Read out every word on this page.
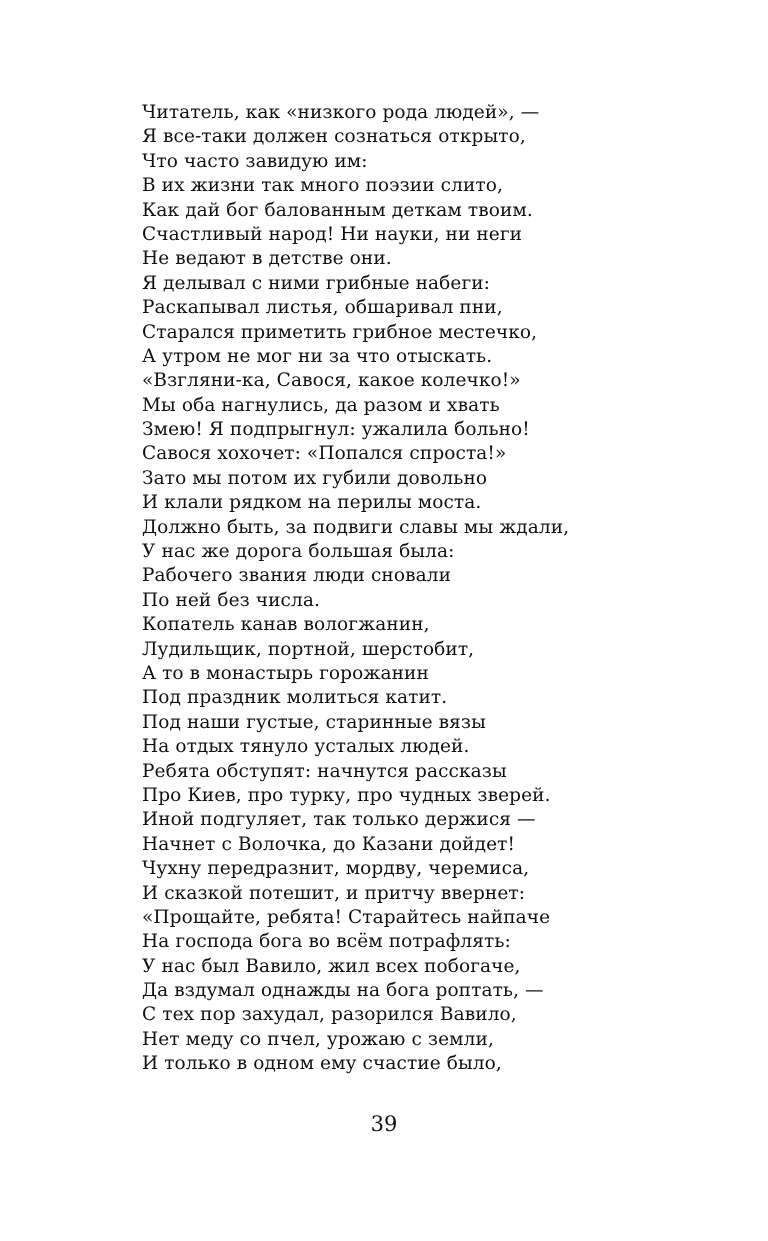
Читатель, как «низкого рода людей», —
Я все-таки должен сознаться открыто,
Что часто завидую им:
В их жизни так много поэзии слито,
Как дай бог балованным деткам твоим.
Счастливый народ! Ни науки, ни неги
Не ведают в детстве они.
Я делывал с ними грибные набеги:
Раскапывал листья, обшаривал пни,
Старался приметить грибное местечко,
А утром не мог ни за что отыскать.
«Взгляни-ка, Савося, какое колечко!»
Мы оба нагнулись, да разом и хвать
Змею! Я подпрыгнул: ужалила больно!
Савося хохочет: «Попался спроста!»
Зато мы потом их губили довольно
И клали рядком на перилы моста.
Должно быть, за подвиги славы мы ждали,
У нас же дорога большая была:
Рабочего звания люди сновали
По ней без числа.
Копатель канав вологжанин,
Лудильщик, портной, шерстобит,
А то в монастырь горожанин
Под праздник молиться катит.
Под наши густые, старинные вязы
На отдых тянуло усталых людей.
Ребята обступят: начнутся рассказы
Про Киев, про турку, про чудных зверей.
Иной подгуляет, так только держися —
Начнет с Волочка, до Казани дойдет!
Чухну передразнит, мордву, черемиса,
И сказкой потешит, и притчу ввернет:
«Прощайте, ребята! Старайтесь найпаче
На господа бога во всём потрафлять:
У нас был Вавило, жил всех побогаче,
Да вздумал однажды на бога роптать, —
С тех пор захудал, разорился Вавило,
Нет меду со пчел, урожаю с земли,
И только в одном ему счастие было,
39
